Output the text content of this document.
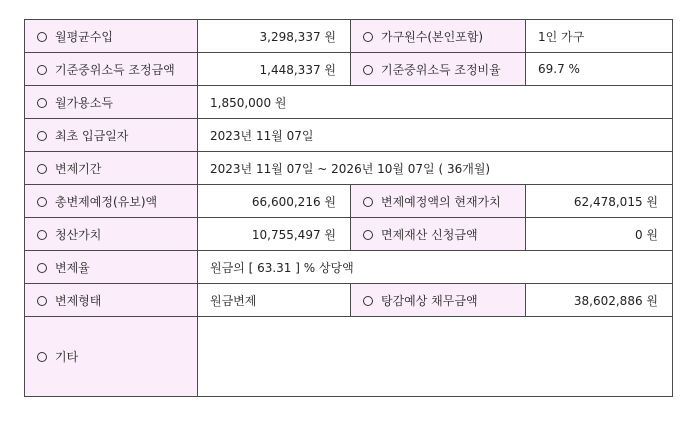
월평균수입	3,298,337 원	가구원수(본인포함)	1인 가구
기준중위소득 조정금액	1,448,337 원	기준중위소득 조정비율	69.7 %
월가용소득	1,850,000 원		
최초 입금일자	2023년 11월 07일		
변제기간	2023년 11월 07일 ~ 2026년 10월 07일 ( 36개월)		
총변제예정(유보)액	66,600,216 원	변제예정액의 현재가치	62,478,015 원
청산가치	10,755,497 원	면제재산 신청금액	0 원
변제율	원금의 [ 63.31 ] % 상당액		
변제형태	원금변제	탕감예상 채무금액	38,602,886 원
기타			
